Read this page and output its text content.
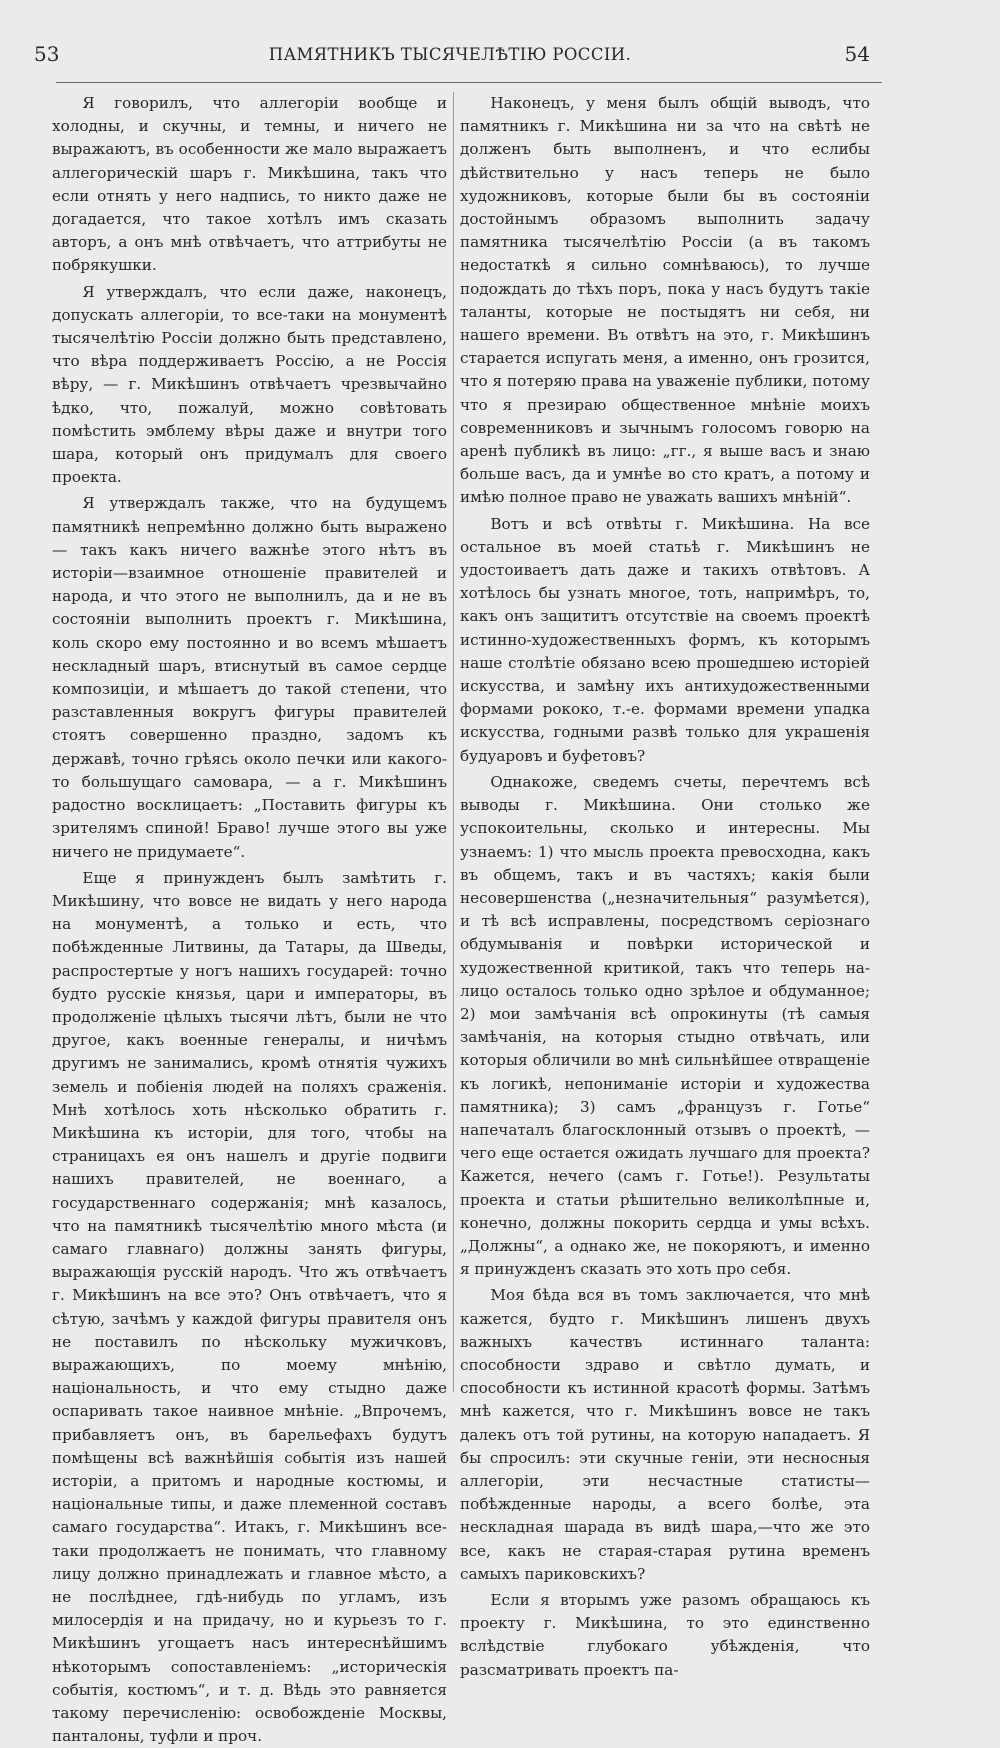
53	ПАМЯТНИКЪ ТЫСЯЧЕЛѢТІЮ РОССІИ.	54

Я говорилъ, что аллегоріи вообще и холодны, и скучны, и темны, и ничего не выражаютъ, въ особенности же мало выражаетъ аллегорическій шаръ г. Микѣшина, такъ что если отнять у него надпись, то никто даже не догадается, что такое хотѣлъ имъ сказать авторъ, а онъ мнѣ отвѣчаетъ, что аттрибуты не побрякушки.

Я утверждалъ, что если даже, наконецъ, допускать аллегоріи, то все-таки на монументѣ тысячелѣтію Россіи должно быть представлено, что вѣра поддерживаетъ Россію, а не Россія вѣру, — г. Микѣшинъ отвѣчаетъ чрезвычайно ѣдко, что, пожалуй, можно совѣтовать помѣстить эмблему вѣры даже и внутри того шара, который онъ придумалъ для своего проекта.

Я утверждалъ также, что на будущемъ памятникѣ непремѣнно должно быть выражено — такъ какъ ничего важнѣе этого нѣтъ въ исторіи—взаимное отношеніе правителей и народа, и что этого не выполнилъ, да и не въ состояніи выполнить проектъ г. Микѣшина, коль скоро ему постоянно и во всемъ мѣшаетъ нескладный шаръ, втиснутый въ самое сердце композиціи, и мѣшаетъ до такой степени, что разставленныя вокругъ фигуры правителей стоятъ совершенно праздно, задомъ къ державѣ, точно грѣясь около печки или какого-то большущаго самовара, — а г. Микѣшинъ радостно восклицаетъ: „Поставить фигуры къ зрителямъ спиной! Браво! лучше этого вы уже ничего не придумаете“.

Еще я принужденъ былъ замѣтить г. Микѣшину, что вовсе не видать у него народа на монументѣ, а только и есть, что побѣжденные Литвины, да Татары, да Шведы, распростертые у ногъ нашихъ государей: точно будто русскіе князья, цари и императоры, въ продолженіе цѣлыхъ тысячи лѣтъ, были не что другое, какъ военные генералы, и ничѣмъ другимъ не занимались, кромѣ отнятія чужихъ земель и побіенія людей на поляхъ сраженія. Мнѣ хотѣлось хоть нѣсколько обратить г. Микѣшина къ исторіи, для того, чтобы на страницахъ ея онъ нашелъ и другіе подвиги нашихъ правителей, не военнаго, а государственнаго содержанія; мнѣ казалось, что на памятникѣ тысячелѣтію много мѣста (и самаго главнаго) должны занять фигуры, выражающія русскій народъ. Что жъ отвѣчаетъ г. Микѣшинъ на все это? Онъ отвѣчаетъ, что я сѣтую, зачѣмъ у каждой фигуры правителя онъ не поставилъ по нѣскольку мужичковъ, выражающихъ, по моему мнѣнію, національность, и что ему стыдно даже оспаривать такое наивное мнѣніе. „Впрочемъ, прибавляетъ онъ, въ барельефахъ будутъ помѣщены всѣ важнѣйшія событія изъ нашей исторіи, а притомъ и народные костюмы, и національные типы, и даже племенной составъ самаго государства“. Итакъ, г. Микѣшинъ все-таки продолжаетъ не понимать, что главному лицу должно принадлежать и главное мѣсто, а не послѣднее, гдѣ-нибудь по угламъ, изъ милосердія и на придачу, но и курьезъ то г. Микѣшинъ угощаетъ насъ интереснѣйшимъ нѣкоторымъ сопоставленіемъ: „историческія событія, костюмъ“, и т. д. Вѣдь это равняется такому перечисленію: освобожденіе Москвы, панталоны, туфли и проч.

Наконецъ, у меня былъ общій выводъ, что памятникъ г. Микѣшина ни за что на свѣтѣ не долженъ быть выполненъ, и что еслибы дѣйствительно у насъ теперь не было художниковъ, которые были бы въ состояніи достойнымъ образомъ выполнить задачу памятника тысячелѣтію Россіи (а въ такомъ недостаткѣ я сильно сомнѣваюсь), то лучше подождать до тѣхъ поръ, пока у насъ будутъ такіе таланты, которые не постыдятъ ни себя, ни нашего времени. Въ отвѣтъ на это, г. Микѣшинъ старается испугать меня, а именно, онъ грозится, что я потеряю права на уваженіе публики, потому что я презираю общественное мнѣніе моихъ современниковъ и зычнымъ голосомъ говорю на аренѣ публикѣ въ лицо: „гг., я выше васъ и знаю больше васъ, да и умнѣе во сто кратъ, а потому и имѣю полное право не уважать вашихъ мнѣній“.

Вотъ и всѣ отвѣты г. Микѣшина. На все остальное въ моей статьѣ г. Микѣшинъ не удостоиваетъ дать даже и такихъ отвѣтовъ. А хотѣлось бы узнать многое, тоть, напримѣръ, то, какъ онъ защититъ отсутствіе на своемъ проектѣ истинно-художественныхъ формъ, къ которымъ наше столѣтіе обязано всею прошедшею исторіей искусства, и замѣну ихъ антихудожественными формами рококо, т.-е. формами времени упадка искусства, годными развѣ только для украшенія будуаровъ и буфетовъ?

Однакоже, сведемъ счеты, перечтемъ всѣ выводы г. Микѣшина. Они столько же успокоительны, сколько и интересны. Мы узнаемъ: 1) что мысль проекта превосходна, какъ въ общемъ, такъ и въ частяхъ; какія были несовершенства („незначительныя“ разумѣется), и тѣ всѣ исправлены, посредствомъ серіознаго обдумыванія и повѣрки исторической и художественной критикой, такъ что теперь на-лицо осталось только одно зрѣлое и обдуманное; 2) мои замѣчанія всѣ опрокинуты (тѣ самыя замѣчанія, на которыя стыдно отвѣчать, или которыя обличили во мнѣ сильнѣйшее отвращеніе къ логикѣ, непониманіе исторіи и художества памятника); 3) самъ „французъ г. Готье“ напечаталъ благосклонный отзывъ о проектѣ, —чего еще остается ожидать лучшаго для проекта? Кажется, нечего (самъ г. Готье!). Результаты проекта и статьи рѣшительно великолѣпные и, конечно, должны покорить сердца и умы всѣхъ. „Должны“, а однако же, не покоряютъ, и именно я принужденъ сказать это хоть про себя.

Моя бѣда вся въ томъ заключается, что мнѣ кажется, будто г. Микѣшинъ лишенъ двухъ важныхъ качествъ истиннаго таланта: способности здраво и свѣтло думать, и способности къ истинной красотѣ формы. Затѣмъ мнѣ кажется, что г. Микѣшинъ вовсе не такъ далекъ отъ той рутины, на которую нападаетъ. Я бы спросилъ: эти скучные геніи, эти несносныя аллегоріи, эти несчастные статисты—побѣжденные народы, а всего болѣе, эта нескладная шарада въ видѣ шара,—что же это все, какъ не старая-старая рутина временъ самыхъ париковскихъ?

Если я вторымъ уже разомъ обращаюсь къ проекту г. Микѣшина, то это единственно вслѣдствіе глубокаго убѣжденія, что разсматривать проектъ па-
